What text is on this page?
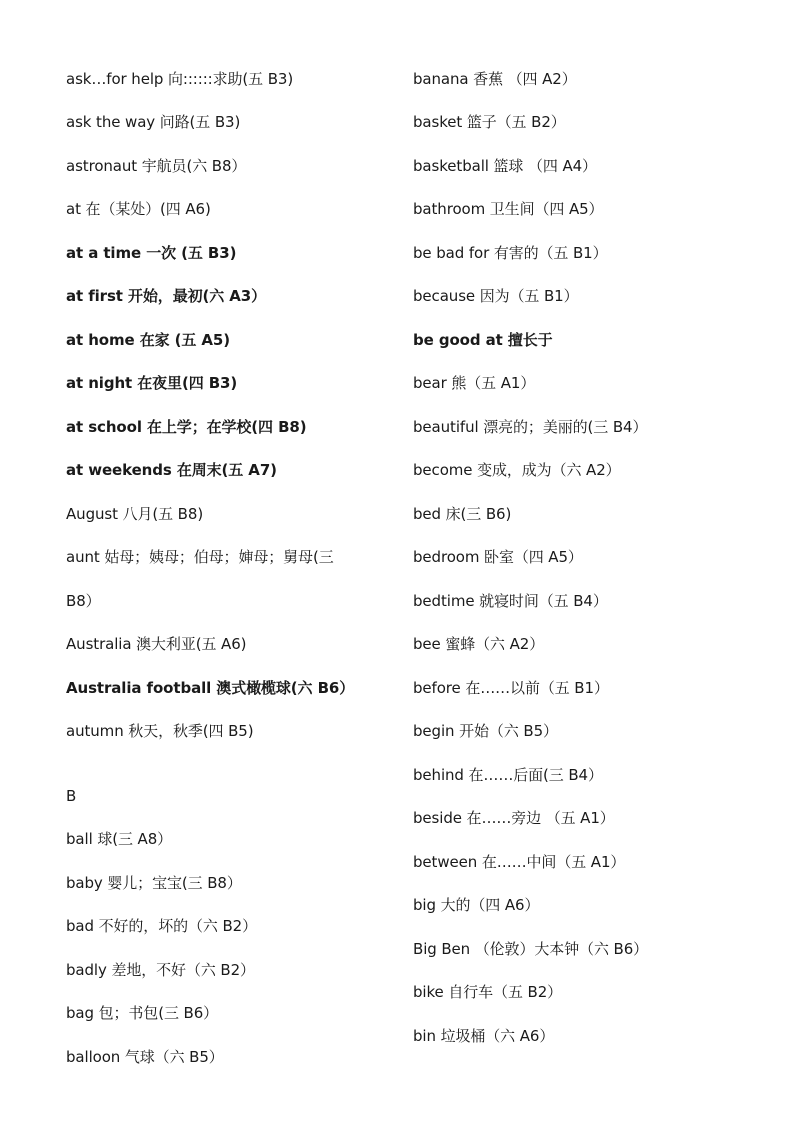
ask…for help 向::::::求助(五 B3)
ask the way 问路(五 B3)
astronaut 宇航员(六 B8）
at 在（某处）(四 A6)
at a time 一次 (五 B3)
at first 开始，最初(六 A3）
at home 在家 (五 A5)
at night 在夜里(四 B3)
at school 在上学；在学校(四 B8)
at weekends 在周末(五 A7)
August 八月(五 B8)
aunt 姑母；姨母；伯母；婶母；舅母(三
B8）
Australia 澳大利亚(五 A6)
Australia football 澳式橄榄球(六 B6）
autumn 秋天，秋季(四 B5)
B
ball 球(三 A8）
baby 婴儿；宝宝(三 B8）
bad 不好的，坏的（六 B2）
badly 差地，不好（六 B2）
bag 包；书包(三 B6）
balloon 气球（六 B5）
banana 香蕉 （四 A2）
basket 篮子（五 B2）
basketball 篮球 （四 A4）
bathroom 卫生间（四 A5）
be bad for 有害的（五 B1）
because 因为（五 B1）
be good at 擅长于
bear 熊（五 A1）
beautiful 漂亮的；美丽的(三 B4）
become 变成，成为（六 A2）
bed 床(三 B6)
bedroom 卧室（四 A5）
bedtime 就寝时间（五 B4）
bee 蜜蜂（六 A2）
before 在……以前（五 B1）
begin 开始（六 B5）
behind 在……后面(三 B4）
beside 在……旁边 （五 A1）
between 在……中间（五 A1）
big 大的（四 A6）
Big Ben （伦敦）大本钟（六 B6）
bike 自行车（五 B2）
bin 垃圾桶（六 A6）
